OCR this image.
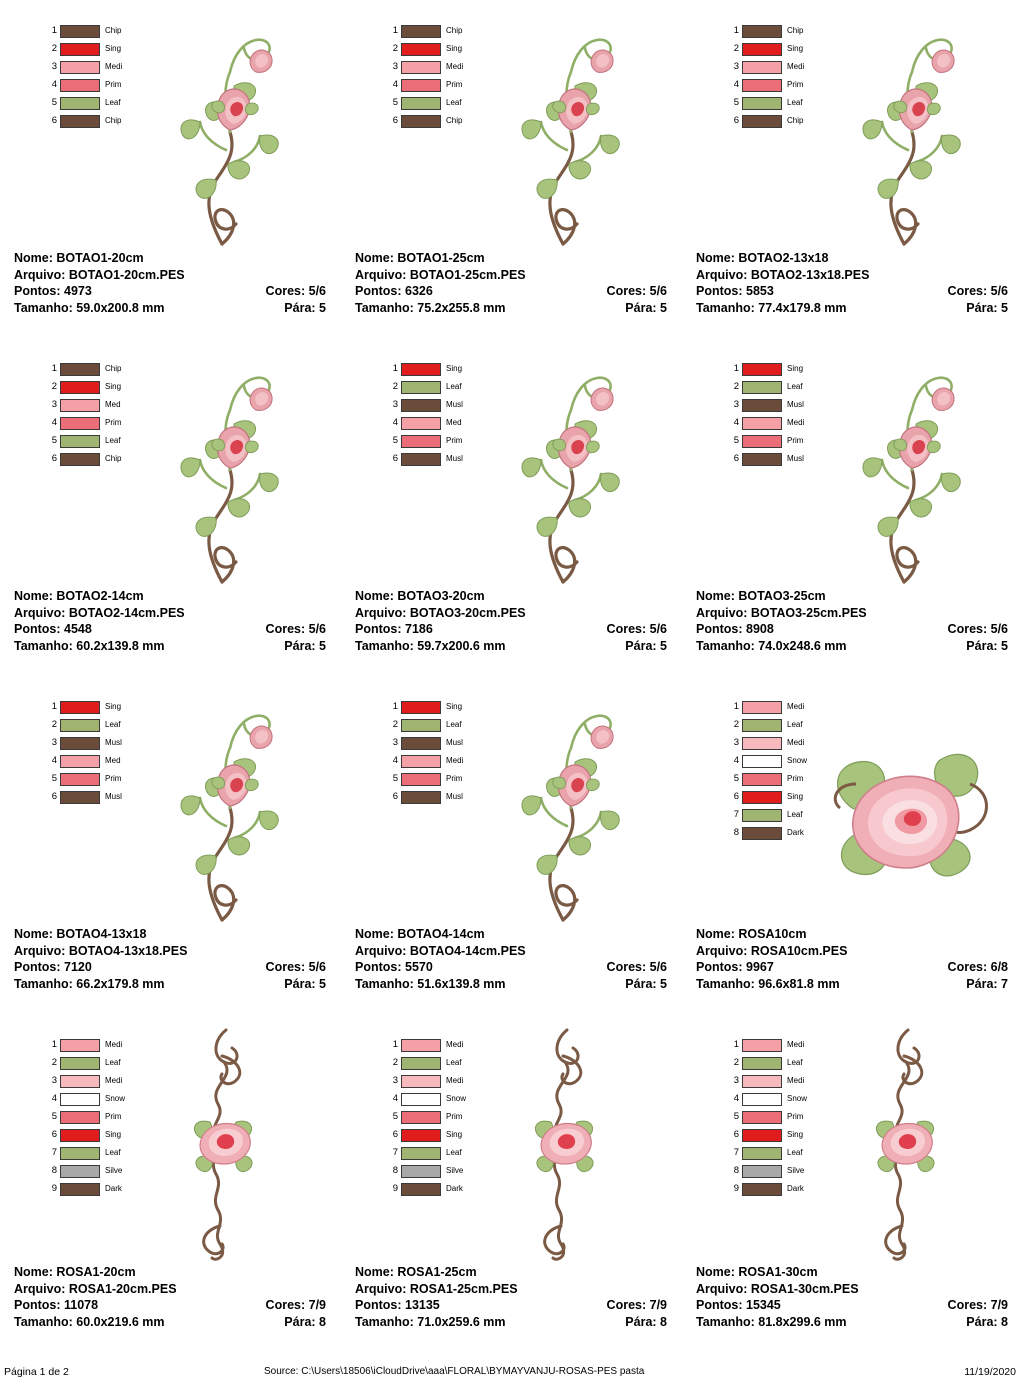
1	Chip
2	Sing
3	Medi
4	Prim
5	Leaf
6	Chip
Nome: BOTAO1-20cm
Arquivo: BOTAO1-20cm.PES
Pontos: 4973	Cores: 5/6
Tamanho: 59.0x200.8 mm	Pára: 5
1	Chip
2	Sing
3	Medi
4	Prim
5	Leaf
6	Chip
Nome: BOTAO1-25cm
Arquivo: BOTAO1-25cm.PES
Pontos: 6326	Cores: 5/6
Tamanho: 75.2x255.8 mm	Pára: 5
1	Chip
2	Sing
3	Medi
4	Prim
5	Leaf
6	Chip
Nome: BOTAO2-13x18
Arquivo: BOTAO2-13x18.PES
Pontos: 5853	Cores: 5/6
Tamanho: 77.4x179.8 mm	Pára: 5
1	Chip
2	Sing
3	Med
4	Prim
5	Leaf
6	Chip
Nome: BOTAO2-14cm
Arquivo: BOTAO2-14cm.PES
Pontos: 4548	Cores: 5/6
Tamanho: 60.2x139.8 mm	Pára: 5
1	Sing
2	Leaf
3	Musl
4	Med
5	Prim
6	Musl
Nome: BOTAO3-20cm
Arquivo: BOTAO3-20cm.PES
Pontos: 7186	Cores: 5/6
Tamanho: 59.7x200.6 mm	Pára: 5
1	Sing
2	Leaf
3	Musl
4	Medi
5	Prim
6	Musl
Nome: BOTAO3-25cm
Arquivo: BOTAO3-25cm.PES
Pontos: 8908	Cores: 5/6
Tamanho: 74.0x248.6 mm	Pára: 5
1	Sing
2	Leaf
3	Musl
4	Med
5	Prim
6	Musl
Nome: BOTAO4-13x18
Arquivo: BOTAO4-13x18.PES
Pontos: 7120	Cores: 5/6
Tamanho: 66.2x179.8 mm	Pára: 5
1	Sing
2	Leaf
3	Musl
4	Medi
5	Prim
6	Musl
Nome: BOTAO4-14cm
Arquivo: BOTAO4-14cm.PES
Pontos: 5570	Cores: 5/6
Tamanho: 51.6x139.8 mm	Pára: 5
1	Medi
2	Leaf
3	Medi
4	Snow
5	Prim
6	Sing
7	Leaf
8	Dark
Nome: ROSA10cm
Arquivo: ROSA10cm.PES
Pontos: 9967	Cores: 6/8
Tamanho: 96.6x81.8 mm	Pára: 7
1	Medi
2	Leaf
3	Medi
4	Snow
5	Prim
6	Sing
7	Leaf
8	Silve
9	Dark
Nome: ROSA1-20cm
Arquivo: ROSA1-20cm.PES
Pontos: 11078	Cores: 7/9
Tamanho: 60.0x219.6 mm	Pára: 8
1	Medi
2	Leaf
3	Medi
4	Snow
5	Prim
6	Sing
7	Leaf
8	Silve
9	Dark
Nome: ROSA1-25cm
Arquivo: ROSA1-25cm.PES
Pontos: 13135	Cores: 7/9
Tamanho: 71.0x259.6 mm	Pára: 8
1	Medi
2	Leaf
3	Medi
4	Snow
5	Prim
6	Sing
7	Leaf
8	Silve
9	Dark
Nome: ROSA1-30cm
Arquivo: ROSA1-30cm.PES
Pontos: 15345	Cores: 7/9
Tamanho: 81.8x299.6 mm	Pára: 8
Página 1 de 2	Source: C:\Users\18506\iCloudDrive\aaa\FLORAL\BYMAYVANJU-ROSAS-PES pasta	11/19/2020
